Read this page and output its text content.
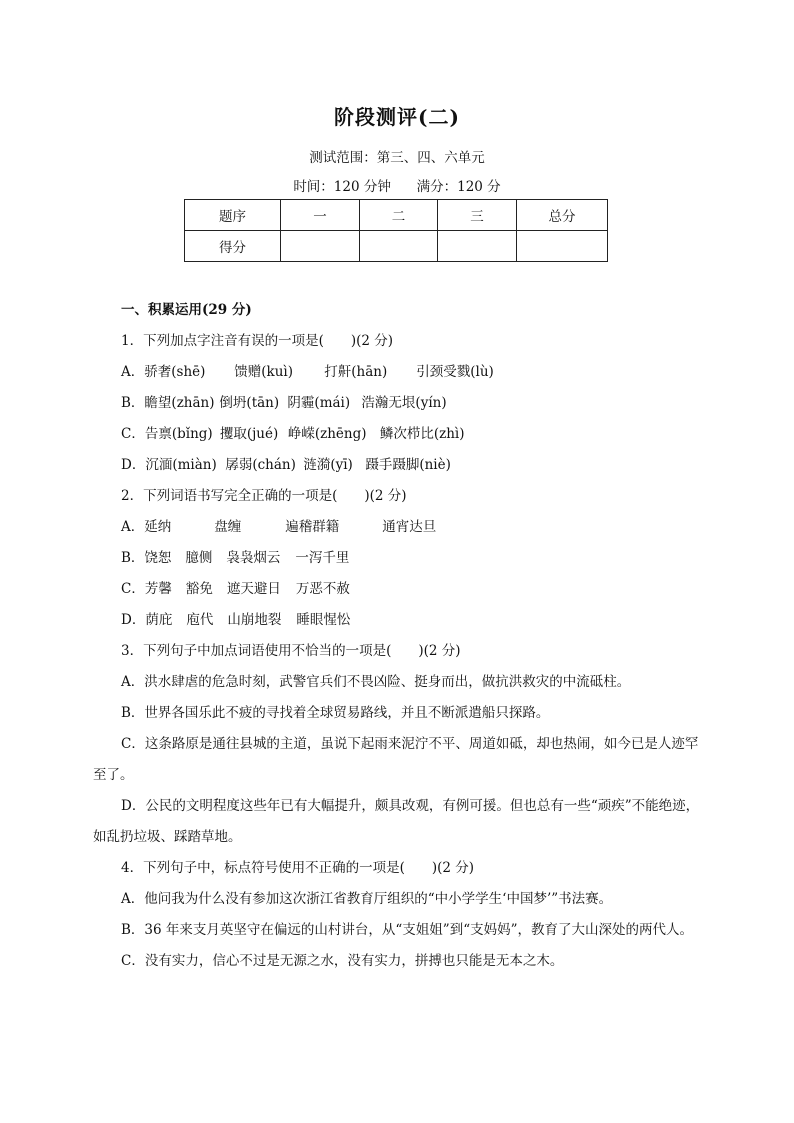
阶段测评(二)
测试范围：第三、四、六单元
时间：120 分钟      满分：120 分
题序	一	二	三	总分
得分				

一、积累运用(29 分)

1．下列加点字注音有误的一项是(　　)(2 分)

A．骄奢(shē) 馈赠(kuì) 打鼾(hān) 引颈受戮(lù)

B．瞻望(zhān) 倒坍(tān) 阴霾(mái) 浩瀚无垠(yín)

C．告禀(bǐng) 攫取(jué) 峥嵘(zhēng) 鳞次栉比(zhì)

D．沉湎(miàn) 孱弱(chán) 涟漪(yī) 蹑手蹑脚(niè)

2．下列词语书写完全正确的一项是(　　)(2 分)

A．延纳	盘缠	遍稽群籍	通宵达旦

B．饶恕 臆侧 袅袅烟云 一泻千里

C．芳馨 豁免 遮天避日 万恶不赦

D．荫庇 庖代 山崩地裂 睡眼惺忪

3．下列句子中加点词语使用不恰当的一项是(　　)(2 分)

A．洪水肆虐的危急时刻，武警官兵们不畏凶险、挺身而出，做抗洪救灾的中流砥柱。

B．世界各国乐此不疲的寻找着全球贸易路线，并且不断派遣船只探路。

C．这条路原是通往县城的主道，虽说下起雨来泥泞不平、周道如砥，却也热闹，如今已是人迹罕至了。

D．公民的文明程度这些年已有大幅提升，颇具改观，有例可援。但也总有一些“顽疾”不能绝迹，如乱扔垃圾、踩踏草地。

4．下列句子中，标点符号使用不正确的一项是(　　)(2 分)

A．他问我为什么没有参加这次浙江省教育厅组织的“中小学学生‘中国梦’”书法赛。

B．36 年来支月英坚守在偏远的山村讲台，从“支姐姐”到“支妈妈”，教育了大山深处的两代人。

C．没有实力，信心不过是无源之水，没有实力，拼搏也只能是无本之木。
